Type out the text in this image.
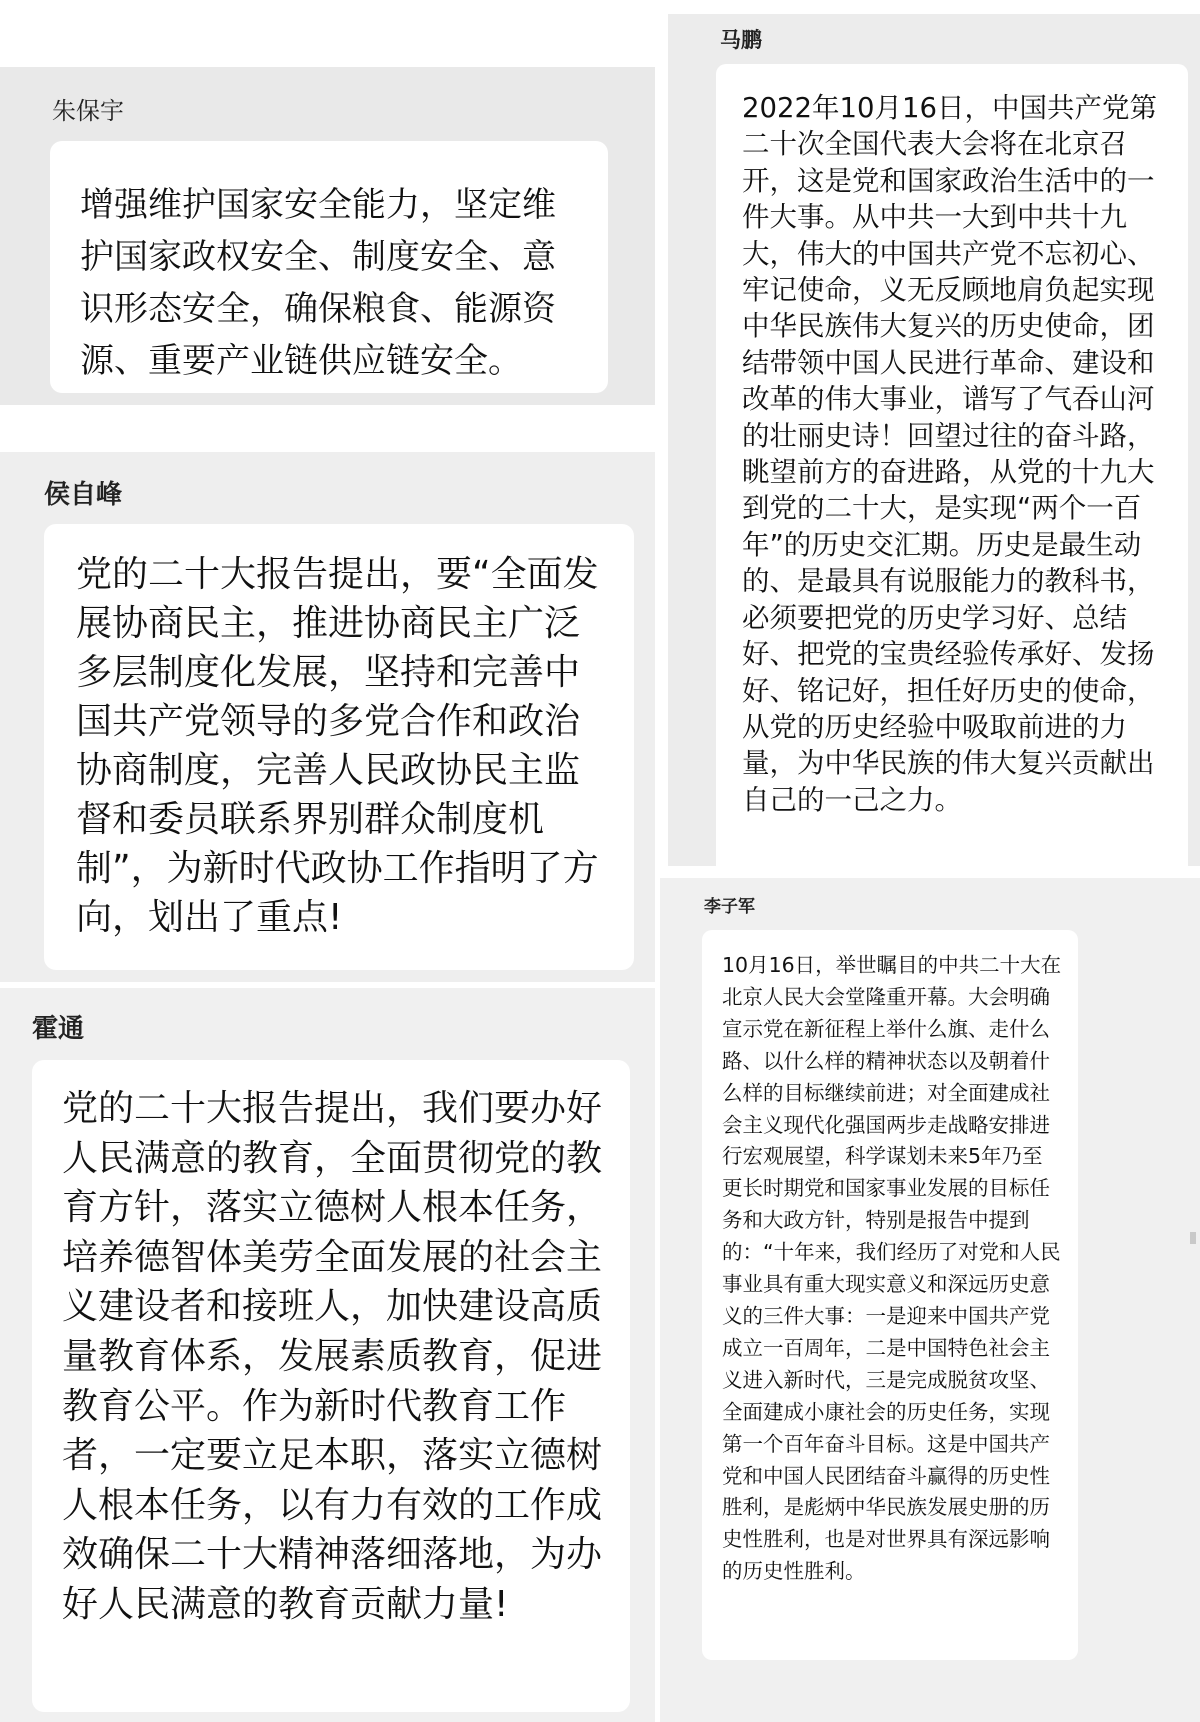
朱保宇

增强维护国家安全能力，坚定维护国家政权安全、制度安全、意识形态安全，确保粮食、能源资源、重要产业链供应链安全。

侯自峰

党的二十大报告提出，要“全面发展协商民主，推进协商民主广泛多层制度化发展，坚持和完善中国共产党领导的多党合作和政治协商制度，完善人民政协民主监督和委员联系界别群众制度机制”，为新时代政协工作指明了方向，划出了重点!

霍通

党的二十大报告提出，我们要办好人民满意的教育，全面贯彻党的教育方针，落实立德树人根本任务，培养德智体美劳全面发展的社会主义建设者和接班人，加快建设高质量教育体系，发展素质教育，促进教育公平。作为新时代教育工作者，一定要立足本职，落实立德树人根本任务，以有力有效的工作成效确保二十大精神落细落地，为办好人民满意的教育贡献力量!

马鹏

2022年10月16日，中国共产党第二十次全国代表大会将在北京召开，这是党和国家政治生活中的一件大事。从中共一大到中共十九大，伟大的中国共产党不忘初心、牢记使命，义无反顾地肩负起实现中华民族伟大复兴的历史使命，团结带领中国人民进行革命、建设和改革的伟大事业，谱写了气吞山河的壮丽史诗！回望过往的奋斗路，眺望前方的奋进路，从党的十九大到党的二十大，是实现“两个一百年”的历史交汇期。历史是最生动的、是最具有说服能力的教科书，必须要把党的历史学习好、总结好、把党的宝贵经验传承好、发扬好、铭记好，担任好历史的使命，从党的历史经验中吸取前进的力量，为中华民族的伟大复兴贡献出自己的一己之力。

李子军

10月16日，举世瞩目的中共二十大在北京人民大会堂隆重开幕。大会明确宣示党在新征程上举什么旗、走什么路、以什么样的精神状态以及朝着什么样的目标继续前进；对全面建成社会主义现代化强国两步走战略安排进行宏观展望，科学谋划未来5年乃至更长时期党和国家事业发展的目标任务和大政方针，特别是报告中提到的：“十年来，我们经历了对党和人民事业具有重大现实意义和深远历史意义的三件大事：一是迎来中国共产党成立一百周年，二是中国特色社会主义进入新时代，三是完成脱贫攻坚、全面建成小康社会的历史任务，实现第一个百年奋斗目标。这是中国共产党和中国人民团结奋斗赢得的历史性胜利，是彪炳中华民族发展史册的历史性胜利，也是对世界具有深远影响的历史性胜利。
